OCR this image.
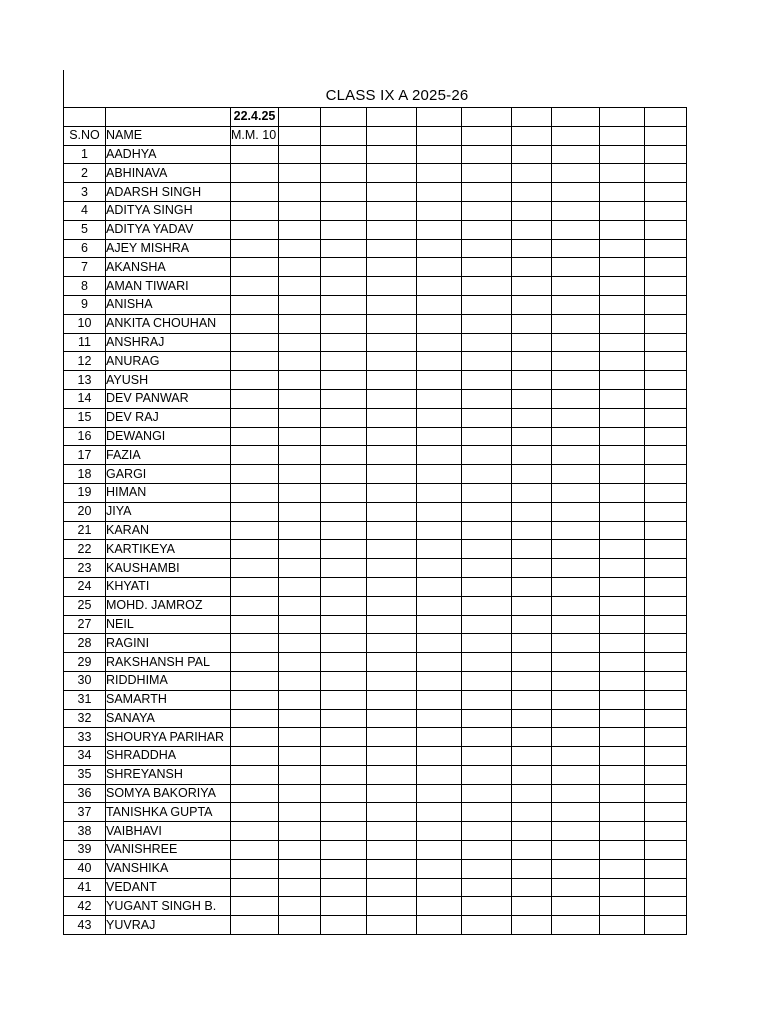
CLASS IX A 2025-26
		22.4.25									
S.NO	NAME	M.M. 10									
1	AADHYA										
2	ABHINAVA										
3	ADARSH SINGH										
4	ADITYA SINGH										
5	ADITYA YADAV										
6	AJEY MISHRA										
7	AKANSHA										
8	AMAN TIWARI										
9	ANISHA										
10	ANKITA CHOUHAN										
11	ANSHRAJ										
12	ANURAG										
13	AYUSH										
14	DEV PANWAR										
15	DEV RAJ										
16	DEWANGI										
17	FAZIA										
18	GARGI										
19	HIMAN										
20	JIYA										
21	KARAN										
22	KARTIKEYA										
23	KAUSHAMBI										
24	KHYATI										
25	MOHD. JAMROZ										
27	NEIL										
28	RAGINI										
29	RAKSHANSH PAL										
30	RIDDHIMA										
31	SAMARTH										
32	SANAYA										
33	SHOURYA PARIHAR										
34	SHRADDHA										
35	SHREYANSH										
36	SOMYA BAKORIYA										
37	TANISHKA GUPTA										
38	VAIBHAVI										
39	VANISHREE										
40	VANSHIKA										
41	VEDANT										
42	YUGANT SINGH B.										
43	YUVRAJ										
